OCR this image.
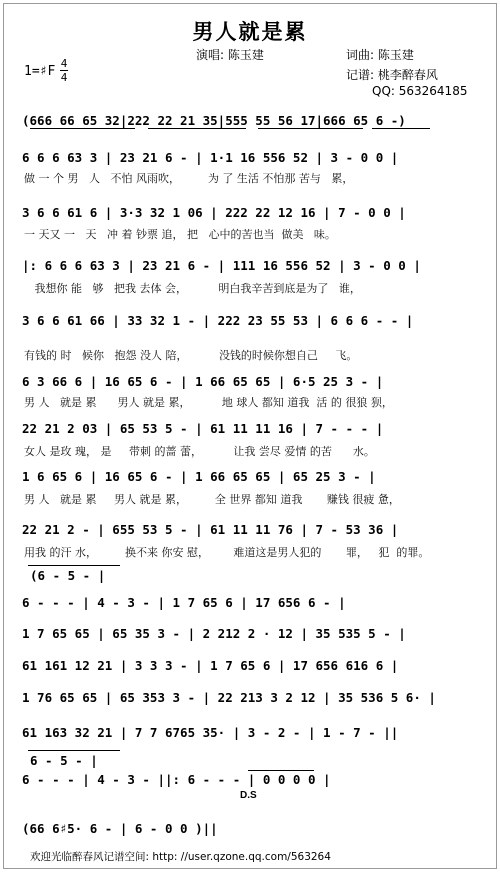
男人就是累
演唱: 陈玉建	词曲: 陈玉建
记谱: 桃李醉春风
QQ: 563264185
1=♯F
4
4
(666 66 65 32|222 22 21 35|555 55 56 17|666 65 6 -)
6 6 6 63 3 | 23 21 6 - | 1·1 16 556 52 | 3 - 0 0 |
3 6 6 61 6 | 3·3 32 1 06 | 222 22 12 16 | 7 - 0 0 |
|: 6 6 6 63 3 | 23 21 6 - | 111 16 556 52 | 3 - 0 0 |
3 6 6 61 66 | 33 32 1 - | 222 23 55 53 | 6 6 6 - - |
6 3 66 6 | 16 65 6 - | 1 66 65 65 | 6·5 25 3 - |
22 21 2 03 | 65 53 5 - | 61 11 11 16 | 7 - - - |
1 6 65 6 | 16 65 6 - | 1 66 65 65 | 65 25 3 - |
22 21 2 - | 655 53 5 - | 61 11 11 76 | 7 - 53 36 |
(6 - 5 - |
6 - - - | 4 - 3 - | 1 7 65 6 | 17 656 6 - |
1 7 65 65 | 65 35 3 - | 2 212 2 · 12 | 35 535 5 - |
61 161 12 21 | 3 3 3 - | 1 7 65 6 | 17 656 616 6 |
1 76 65 65 | 65 353 3 - | 22 213 3 2 12 | 35 536 5 6· |
61 163 32 21 | 7 7 6765 35· | 3 - 2 - | 1 - 7 - ||
6 - 5 - |
6 - - - | 4 - 3 - ||: 6 - - - | 0 0 0 0 |
(66 6♯5· 6 - | 6 - 0 0 )||
做 一 个 男   人   不怕 风雨吹，        为 了 生活 不怕那 苦与   累，
一 天又 一   天   冲 着 钞票 追， 把   心中的苦也当  做美   味。
我想你 能   够   把我 去体 会，         明白我辛苦到底是为了   谁，
有钱的 时   候你   抱怨 没人 陪，         没钱的时候你想自己     飞。
男 人   就是 累      男人 就是 累，         地 球人 都知 道我  活 的 很狼 狈，
女人 是玫 瑰， 是     带刺 的蔷 蕾，         让我 尝尽 爱情 的苦      水。
男 人   就是 累     男人 就是 累，        全 世界 都知 道我       赚钱 很疲 惫，
用我 的汗 水，        换不来 你安 慰，       难道这是男人犯的       罪，   犯  的罪。
D.S
欢迎光临醉春风记谱空间: http: //user.qzone.qq.com/563264
